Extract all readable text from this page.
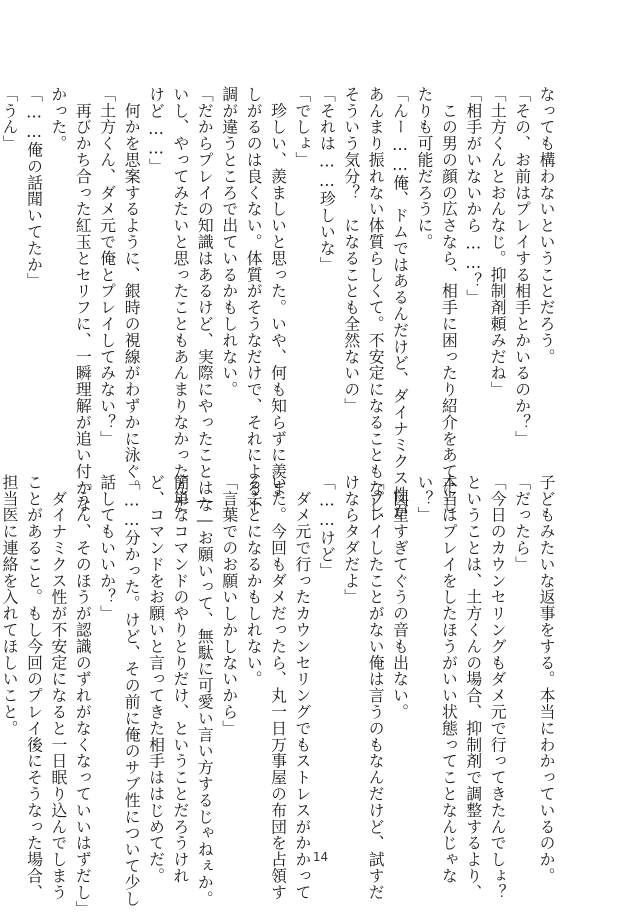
なっても構わないということだろう。
「その、お前はプレイする相手とかいるのか？」
「土方くんとおんなじ。抑制剤頼みだね」
「相手がいないから……？」
　この男の顔の広さなら、相手に困ったり紹介をあてにし
たりも可能だろうに。
「んー……俺、ドムではあるんだけど、ダイナミクス性が
あんまり振れない体質らしくて。不安定になることもなし、
そういう気分？　になることも全然ないの」
「それは……珍しいな」
「でしょ」
　珍しい、羨ましいと思った。いや、何も知らずに羨ま
しがるのは良くない。体質がそうなだけで、それによる不
調が違うところで出ているかもしれない。
「だからプレイの知識はあるけど、実際にやったことはな
いし、やってみたいと思ったこともあんまりなかったんだ
けど……」
　何かを思案するように、銀時の視線がわずかに泳ぐ。
「土方くん、ダメ元で俺とプレイしてみない？」
　再びかち合った紅玉とセリフに、一瞬理解が追い付かな
かった。
「……俺の話聞いてたか」
「うん」
子どもみたいな返事をする。本当にわかっているのか。
「だったら」
「今日のカウンセリングもダメ元で行ってきたんでしょ？
ということは、土方くんの場合、抑制剤で調整するより、
本当はプレイをしたほうがいい状態ってことなんじゃな
い？」
　図星すぎてぐうの音も出ない。
「プレイしたことがない俺は言うのもなんだけど、試すだ
けならタダだよ」
「……けど」
　ダメ元で行ったカウンセリングでもストレスがかかって
いた。今回もダメだったら、丸一日万事屋の布団を占領す
ることになるかもしれない。
「言葉でのお願いしかしないから」
　――お願いって、無駄に可愛い言い方するじゃねぇか。
簡単なコマンドのやりとりだけ、ということだろうけれ
ど、コマンドをお願いと言ってきた相手ははじめてだ。
「……分かった。けど、その前に俺のサブ性について少し
話してもいいか？」
「うん、そのほうが認識のずれがなくなっていいはずだし」
　ダイナミクス性が不安定になると一日眠り込んでしまう
ことがあること。もし今回のプレイ後にそうなった場合、
担当医に連絡を入れてほしいこと。
14
